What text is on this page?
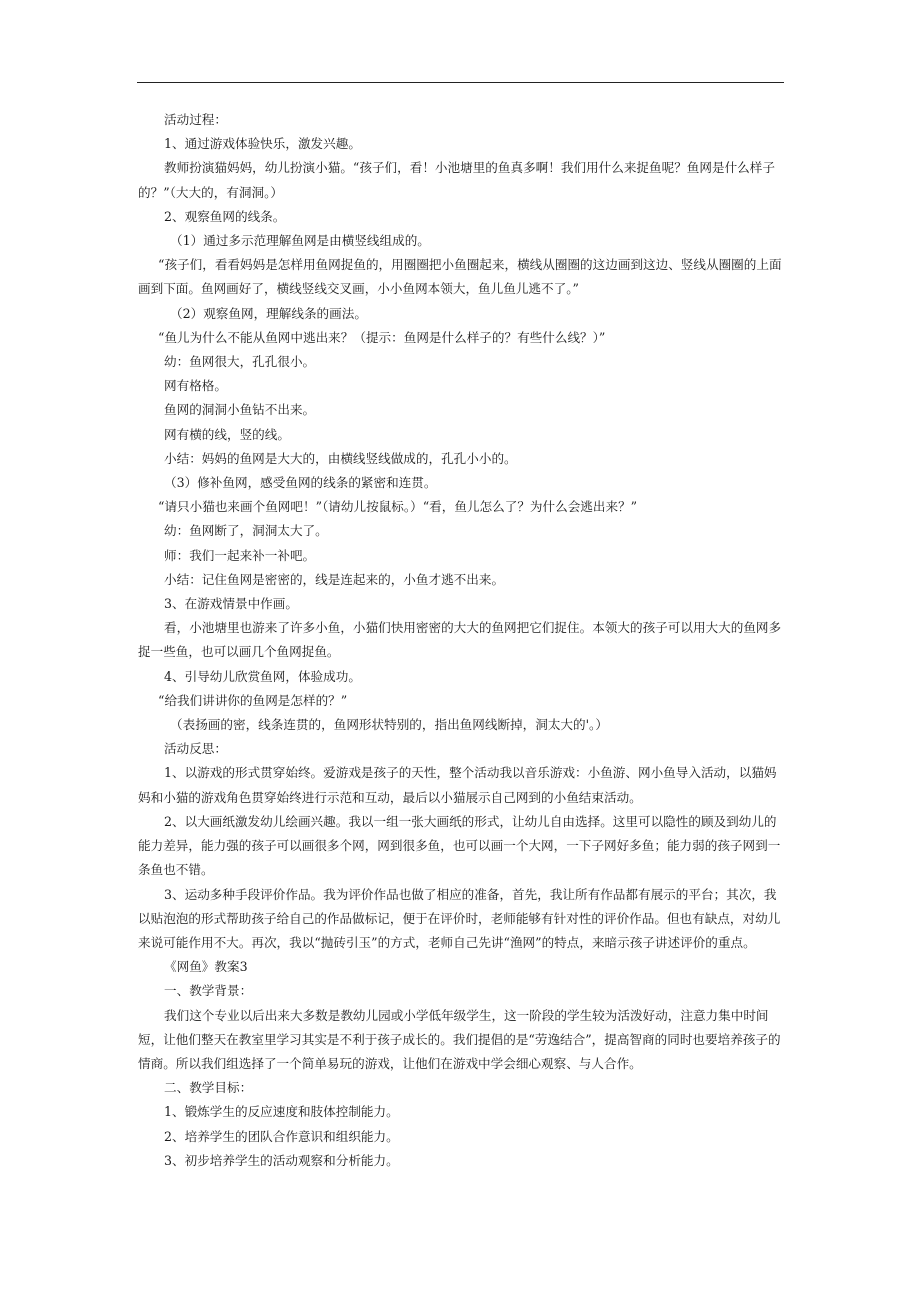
活动过程：

1、通过游戏体验快乐，激发兴趣。

教师扮演猫妈妈，幼儿扮演小猫。“孩子们，看！小池塘里的鱼真多啊！我们用什么来捉鱼呢？鱼网是什么样子的？”（大大的，有洞洞。）

2、观察鱼网的线条。

（1）通过多示范理解鱼网是由横竖线组成的。

“孩子们，看看妈妈是怎样用鱼网捉鱼的，用圈圈把小鱼圈起来，横线从圈圈的这边画到这边、竖线从圈圈的上面画到下面。鱼网画好了，横线竖线交叉画，小小鱼网本领大，鱼儿鱼儿逃不了。”

（2）观察鱼网，理解线条的画法。

“鱼儿为什么不能从鱼网中逃出来？（提示：鱼网是什么样子的？有些什么线？）”

幼：鱼网很大，孔孔很小。

网有格格。

鱼网的洞洞小鱼钻不出来。

网有横的线，竖的线。

小结：妈妈的鱼网是大大的，由横线竖线做成的，孔孔小小的。

（3）修补鱼网，感受鱼网的线条的紧密和连贯。

“请只小猫也来画个鱼网吧！”（请幼儿按鼠标。）“看，鱼儿怎么了？为什么会逃出来？”

幼：鱼网断了，洞洞太大了。

师：我们一起来补一补吧。

小结：记住鱼网是密密的，线是连起来的，小鱼才逃不出来。

3、在游戏情景中作画。

看，小池塘里也游来了许多小鱼，小猫们快用密密的大大的鱼网把它们捉住。本领大的孩子可以用大大的鱼网多捉一些鱼，也可以画几个鱼网捉鱼。

4、引导幼儿欣赏鱼网，体验成功。

“给我们讲讲你的鱼网是怎样的？”

（表扬画的密，线条连贯的，鱼网形状特别的，指出鱼网线断掉，洞太大的'。）

活动反思：

1、以游戏的形式贯穿始终。爱游戏是孩子的天性，整个活动我以音乐游戏：小鱼游、网小鱼导入活动，以猫妈妈和小猫的游戏角色贯穿始终进行示范和互动，最后以小猫展示自己网到的小鱼结束活动。

2、以大画纸激发幼儿绘画兴趣。我以一组一张大画纸的形式，让幼儿自由选择。这里可以隐性的顾及到幼儿的能力差异，能力强的孩子可以画很多个网，网到很多鱼，也可以画一个大网，一下子网好多鱼；能力弱的孩子网到一条鱼也不错。

3、运动多种手段评价作品。我为评价作品也做了相应的准备，首先，我让所有作品都有展示的平台；其次，我以贴泡泡的形式帮助孩子给自己的作品做标记，便于在评价时，老师能够有针对性的评价作品。但也有缺点，对幼儿来说可能作用不大。再次，我以“抛砖引玉”的方式，老师自己先讲“渔网”的特点，来暗示孩子讲述评价的重点。

《网鱼》教案3

一、教学背景：

我们这个专业以后出来大多数是教幼儿园或小学低年级学生，这一阶段的学生较为活泼好动，注意力集中时间短，让他们整天在教室里学习其实是不利于孩子成长的。我们提倡的是“劳逸结合”，提高智商的同时也要培养孩子的情商。所以我们组选择了一个简单易玩的游戏，让他们在游戏中学会细心观察、与人合作。

二、教学目标：

1、锻炼学生的反应速度和肢体控制能力。

2、培养学生的团队合作意识和组织能力。

3、初步培养学生的活动观察和分析能力。
